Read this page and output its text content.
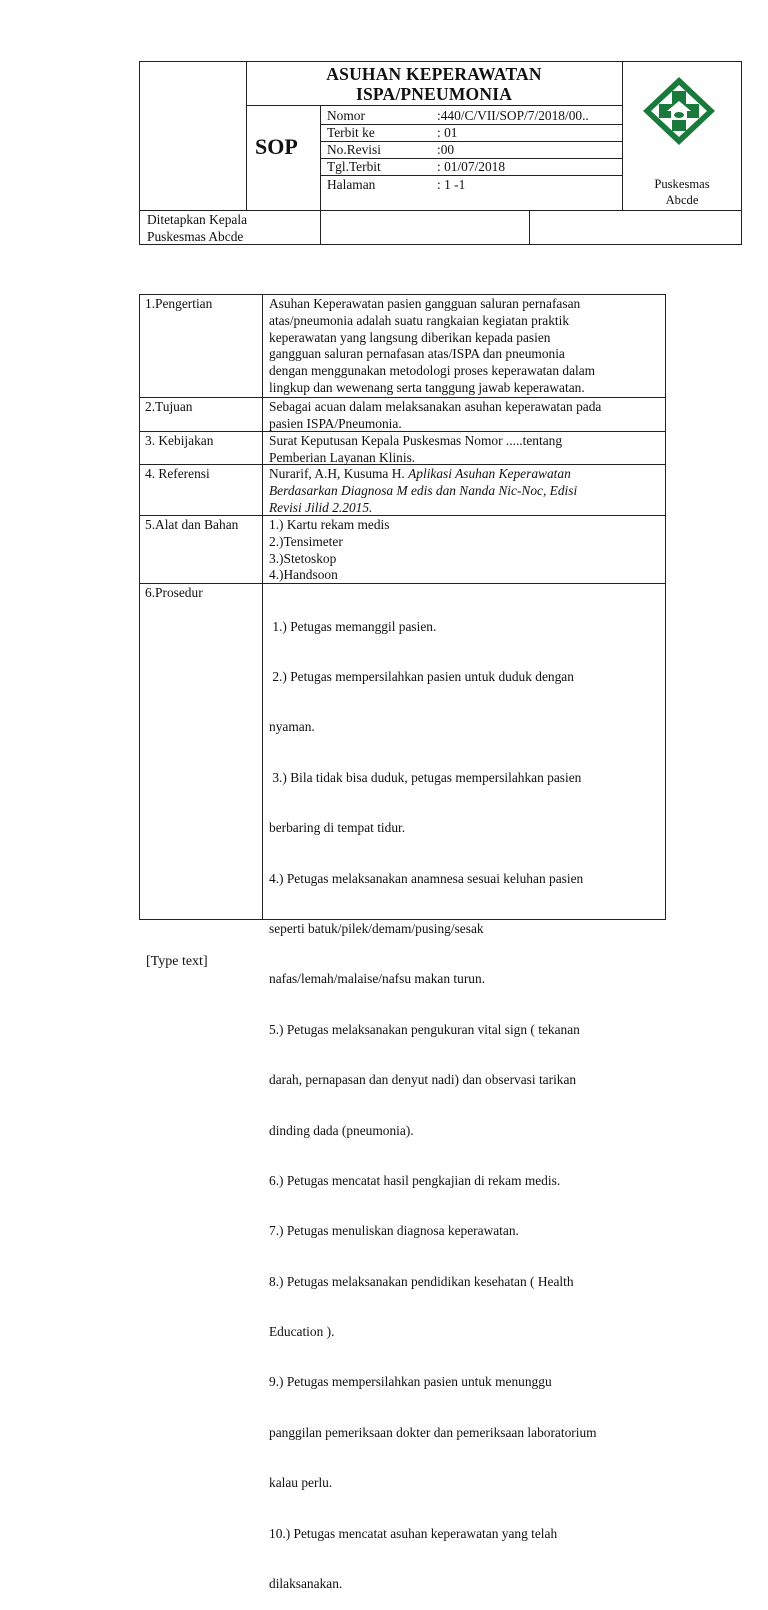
ASUHAN KEPERAWATAN
ISPA/PNEUMONIA
SOP
Nomor	:440/C/VII/SOP/7/2018/00..
Terbit ke	: 01
No.Revisi	:00
Tgl.Terbit	: 01/07/2018
Halaman	: 1 -1	Puskesmas
Abcde
Ditetapkan Kepala
Puskesmas Abcde
1.Pengertian	Asuhan Keperawatan pasien gangguan saluran pernafasan

atas/pneumonia adalah suatu rangkaian kegiatan praktik

keperawatan yang langsung diberikan kepada pasien

gangguan saluran pernafasan atas/ISPA dan pneumonia

dengan menggunakan metodologi proses keperawatan dalam

lingkup dan wewenang serta tanggung jawab keperawatan.

2.Tujuan	Sebagai acuan dalam melaksanakan asuhan keperawatan pada

pasien ISPA/Pneumonia.

3. Kebijakan	Surat Keputusan Kepala Puskesmas Nomor .....tentang

Pemberian Layanan Klinis.

4. Referensi	Nurarif, A.H, Kusuma H. Aplikasi Asuhan Keperawatan

Berdasarkan Diagnosa M edis dan Nanda Nic-Noc, Edisi

Revisi Jilid 2.2015.

5.Alat dan Bahan 1.) Kartu rekam medis

2.)Tensimeter

3.)Stetoskop

4.)Handsoon

6.Prosedur

1.) Petugas memanggil pasien.

2.) Petugas mempersilahkan pasien untuk duduk dengan

nyaman.

3.) Bila tidak bisa duduk, petugas mempersilahkan pasien

berbaring di tempat tidur.

4.) Petugas melaksanakan anamnesa sesuai keluhan pasien

seperti batuk/pilek/demam/pusing/sesak

nafas/lemah/malaise/nafsu makan turun.

5.) Petugas melaksanakan pengukuran vital sign ( tekanan

darah, pernapasan dan denyut nadi) dan observasi tarikan

dinding dada (pneumonia).

6.) Petugas mencatat hasil pengkajian di rekam medis.

7.) Petugas menuliskan diagnosa keperawatan.

8.) Petugas melaksanakan pendidikan kesehatan ( Health

Education ).

9.) Petugas mempersilahkan pasien untuk menunggu

panggilan pemeriksaan dokter dan pemeriksaan laboratorium

kalau perlu.

10.) Petugas mencatat asuhan keperawatan yang telah

dilaksanakan.

[Type text]
